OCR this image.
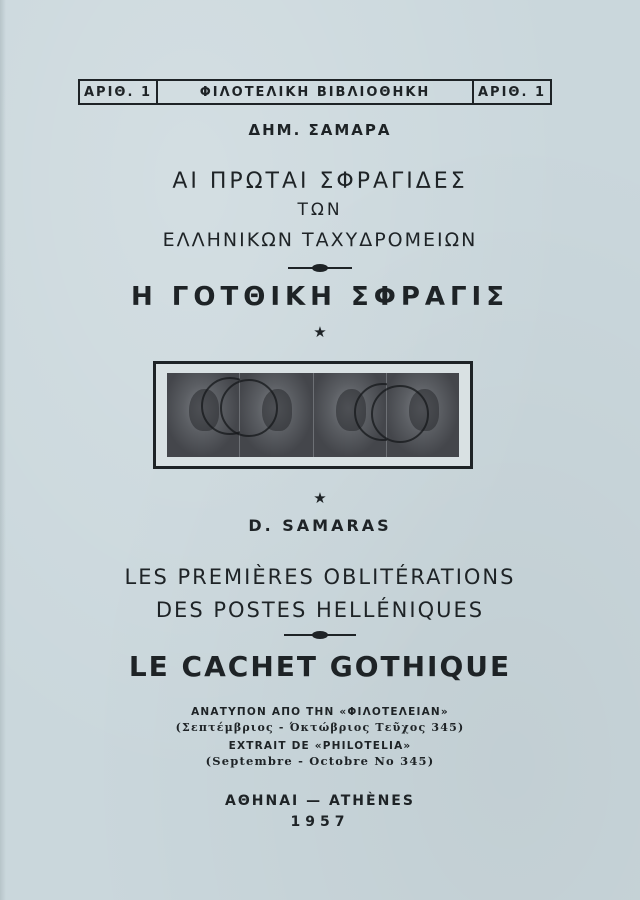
ΑΡΙΘ. 1	ΦΙΛΟΤΕΛΙΚΗ ΒΙΒΛΙΟΘΗΚΗ	ΑΡΙΘ. 1
ΔΗΜ. ΣΑΜΑΡΑ
ΑΙ ΠΡΩΤΑΙ ΣΦΡΑΓΙΔΕΣ
ΤΩΝ
ΕΛΛΗΝΙΚΩΝ ΤΑΧΥΔΡΟΜΕΙΩΝ
Η ΓΟΤΘΙΚΗ ΣΦΡΑΓΙΣ
★
★
D. SAMARAS
LES PREMIÈRES OBLITÉRATIONS
DES POSTES HELLÉNIQUES
LE CACHET GOTHIQUE
ΑΝΑΤΥΠΟΝ ΑΠΟ ΤΗΝ «ΦΙΛΟΤΕΛΕΙΑΝ»
(Σεπτέμβριος - Όκτώβριος Τεῦχος 345)
EXTRAIT DE «PHILOTELIA»
(Septembre - Octobre No 345)
ΑΘΗΝΑΙ — ATHÈNES
1957
